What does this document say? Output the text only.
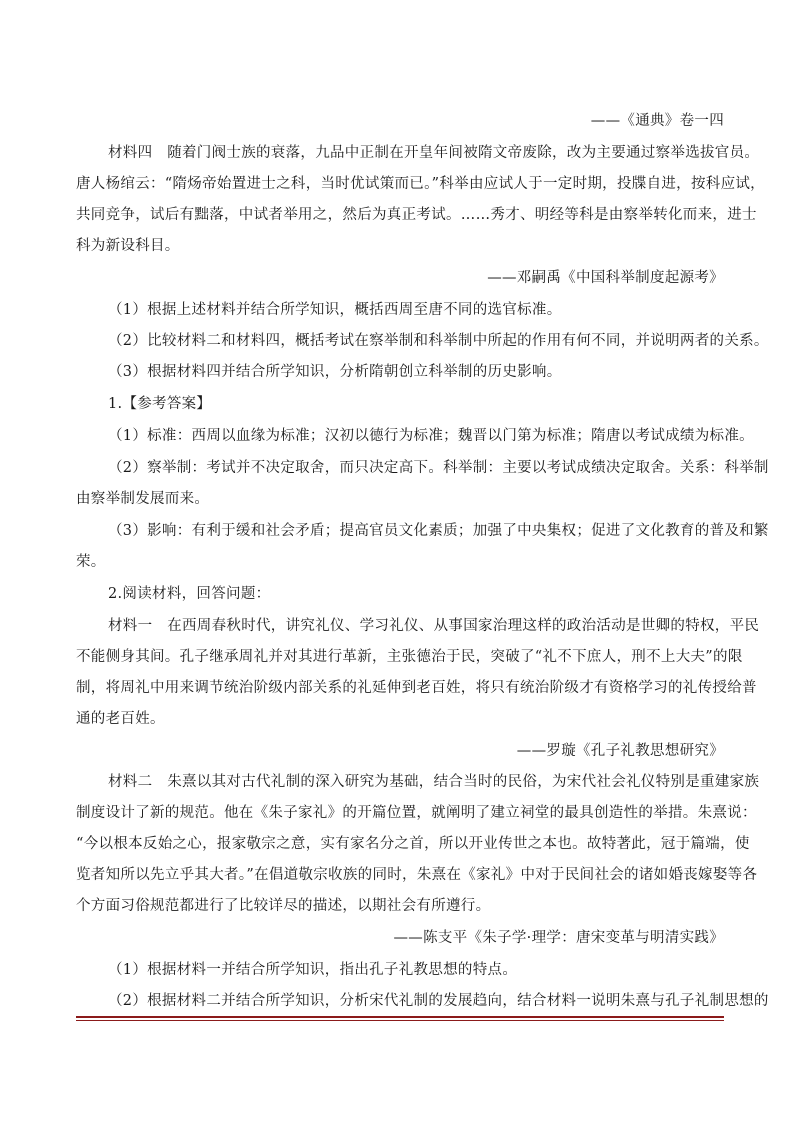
——《通典》卷一四
材料四　随着门阀士族的衰落，九品中正制在开皇年间被隋文帝废除，改为主要通过察举选拔官员。
唐人杨绾云：“隋炀帝始置进士之科，当时优试策而已。”科举由应试人于一定时期，投牒自进，按科应试，
共同竞争，试后有黜落，中试者举用之，然后为真正考试。……秀才、明经等科是由察举转化而来，进士
科为新设科目。
——邓嗣禹《中国科举制度起源考》
（1）根据上述材料并结合所学知识，概括西周至唐不同的选官标准。
（2）比较材料二和材料四，概括考试在察举制和科举制中所起的作用有何不同，并说明两者的关系。
（3）根据材料四并结合所学知识，分析隋朝创立科举制的历史影响。
1.【参考答案】
（1）标准：西周以血缘为标准；汉初以德行为标准；魏晋以门第为标准；隋唐以考试成绩为标准。
（2）察举制：考试并不决定取舍，而只决定高下。科举制：主要以考试成绩决定取舍。关系：科举制
由察举制发展而来。
（3）影响：有利于缓和社会矛盾；提高官员文化素质；加强了中央集权；促进了文化教育的普及和繁
荣。
2.阅读材料，回答问题：
材料一　在西周春秋时代，讲究礼仪、学习礼仪、从事国家治理这样的政治活动是世卿的特权，平民
不能侧身其间。孔子继承周礼并对其进行革新，主张德治于民，突破了“礼不下庶人，刑不上大夫”的限
制，将周礼中用来调节统治阶级内部关系的礼延伸到老百姓，将只有统治阶级才有资格学习的礼传授给普
通的老百姓。
——罗璇《孔子礼教思想研究》
材料二　朱熹以其对古代礼制的深入研究为基础，结合当时的民俗，为宋代社会礼仪特别是重建家族
制度设计了新的规范。他在《朱子家礼》的开篇位置，就阐明了建立祠堂的最具创造性的举措。朱熹说：
“今以根本反始之心，报家敬宗之意，实有家名分之首，所以开业传世之本也。故特著此，冠于篇端，使
览者知所以先立乎其大者。”在倡道敬宗收族的同时，朱熹在《家礼》中对于民间社会的诸如婚丧嫁娶等各
个方面习俗规范都进行了比较详尽的描述，以期社会有所遵行。
——陈支平《朱子学·理学：唐宋变革与明清实践》
（1）根据材料一并结合所学知识，指出孔子礼教思想的特点。
（2）根据材料二并结合所学知识，分析宋代礼制的发展趋向，结合材料一说明朱熹与孔子礼制思想的
